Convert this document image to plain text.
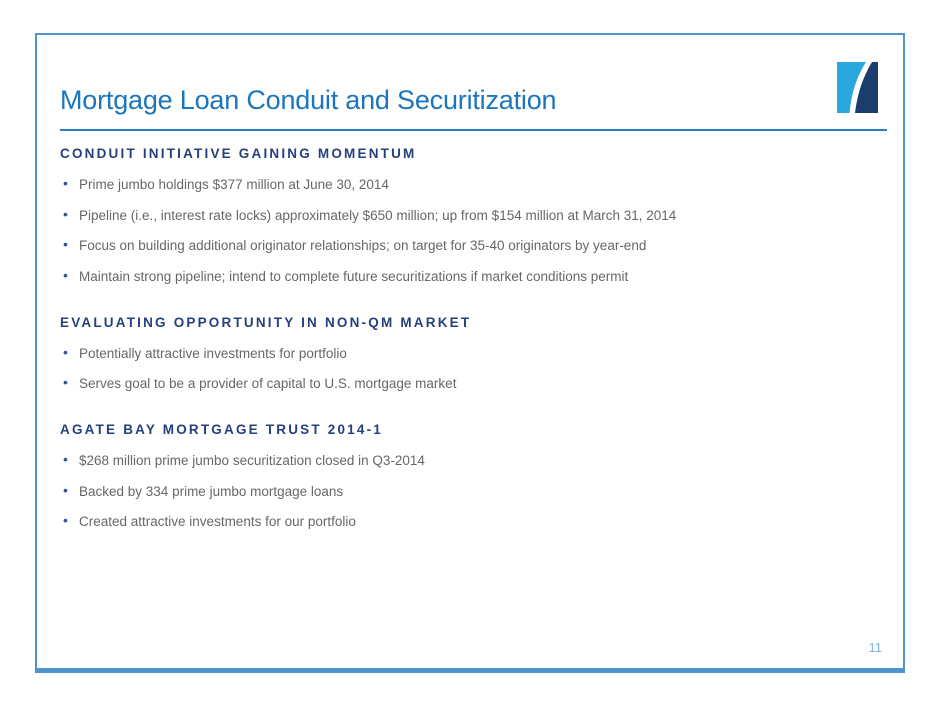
Mortgage Loan Conduit and Securitization
CONDUIT INITIATIVE GAINING MOMENTUM
• Prime jumbo holdings $377 million at June 30, 2014
• Pipeline (i.e., interest rate locks) approximately $650 million; up from $154 million at March 31, 2014
• Focus on building additional originator relationships; on target for 35-40 originators by year-end
• Maintain strong pipeline; intend to complete future securitizations if market conditions permit
EVALUATING OPPORTUNITY IN NON-QM MARKET
• Potentially attractive investments for portfolio
• Serves goal to be a provider of capital to U.S. mortgage market
AGATE BAY MORTGAGE TRUST 2014-1
• $268 million prime jumbo securitization closed in Q3-2014
• Backed by 334 prime jumbo mortgage loans
• Created attractive investments for our portfolio
11
